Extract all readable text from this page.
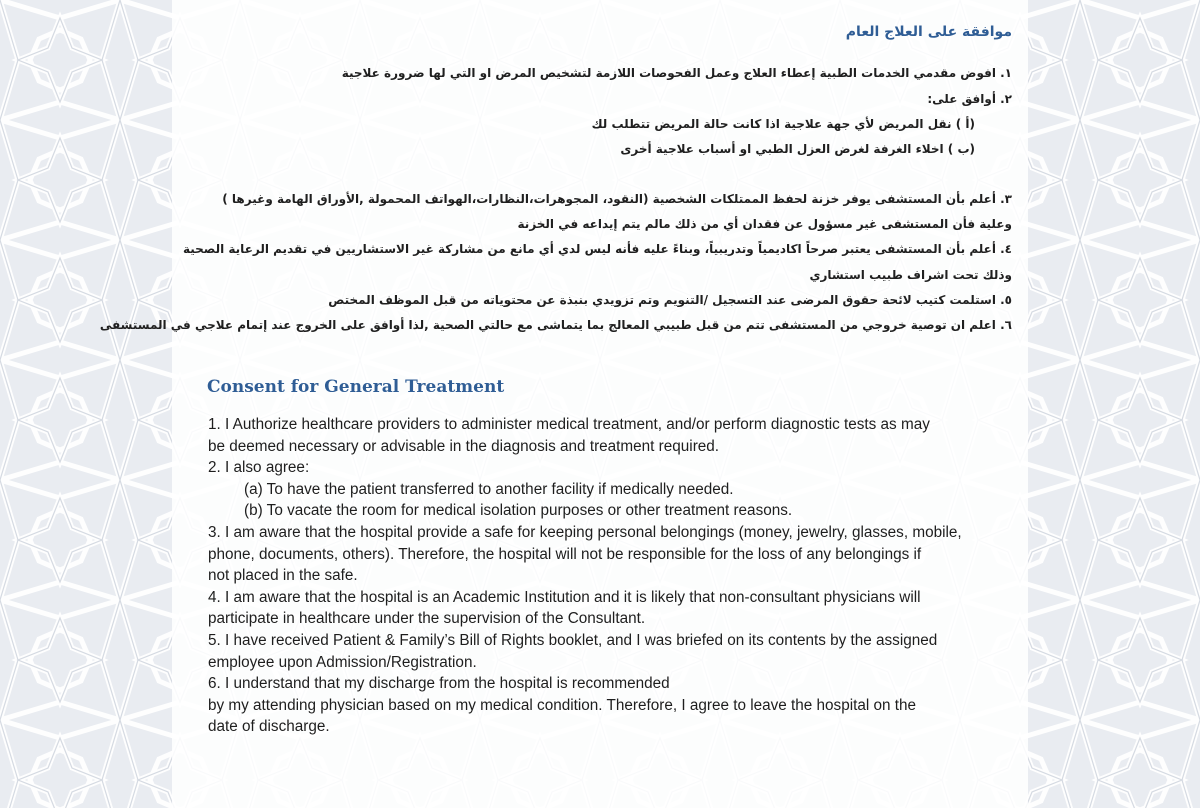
موافقة على العلاج العام
١. افوض مقدمي الخدمات الطبية إعطاء العلاج وعمل الفحوصات اللازمة لتشخيص المرض او التي لها ضرورة علاجية
٢. أوافق على:
(أ ) نقل المريض لأي جهة علاجية اذا كانت حالة المريض تتطلب لك
(ب ) اخلاء الغرفة لغرض العزل الطبي او أسباب علاجية أخرى
٣. أعلم بأن المستشفى يوفر خزنة لحفظ الممتلكات الشخصية (النقود، المجوهرات،النظارات،الهواتف المحمولة ,الأوراق الهامة وغيرها )
وعلية فأن المستشفى غير مسؤول عن فقدان أي من ذلك مالم يتم إيداعه في الخزنة
٤. أعلم بأن المستشفى يعتبر صرحاً اكاديمياً وتدريبياً، وبناءً عليه فأنه ليس لدي أي مانع من مشاركة غير الاستشاريين في تقديم الرعاية الصحية
وذلك تحت اشراف طبيب استشاري
٥. استلمت كتيب لائحة حقوق المرضى عند التسجيل /التنويم وتم تزويدي بنبذة عن محتوياته من قبل الموظف المختص
٦. اعلم ان توصية خروجي من المستشفى تتم من قبل طبيبي المعالج بما يتماشى مع حالتي الصحية ,لذا أوافق على الخروج عند إتمام علاجي في المستشفى
Consent for General Treatment

1. I Authorize healthcare providers to administer medical treatment, and/or perform diagnostic tests as may

be deemed necessary or advisable in the diagnosis and treatment required.

2. I also agree:

(a) To have the patient transferred to another facility if medically needed.

(b) To vacate the room for medical isolation purposes or other treatment reasons.

3. I am aware that the hospital provide a safe for keeping personal belongings (money, jewelry, glasses, mobile,

phone, documents, others). Therefore, the hospital will not be responsible for the loss of any belongings if

not placed in the safe.

4. I am aware that the hospital is an Academic Institution and it is likely that non-consultant physicians will

participate in healthcare under the supervision of the Consultant.

5. I have received Patient & Family’s Bill of Rights booklet, and I was briefed on its contents by the assigned

employee upon Admission/Registration.

6. I understand that my discharge from the hospital is recommended

by my attending physician based on my medical condition. Therefore, I agree to leave the hospital on the

date of discharge.
